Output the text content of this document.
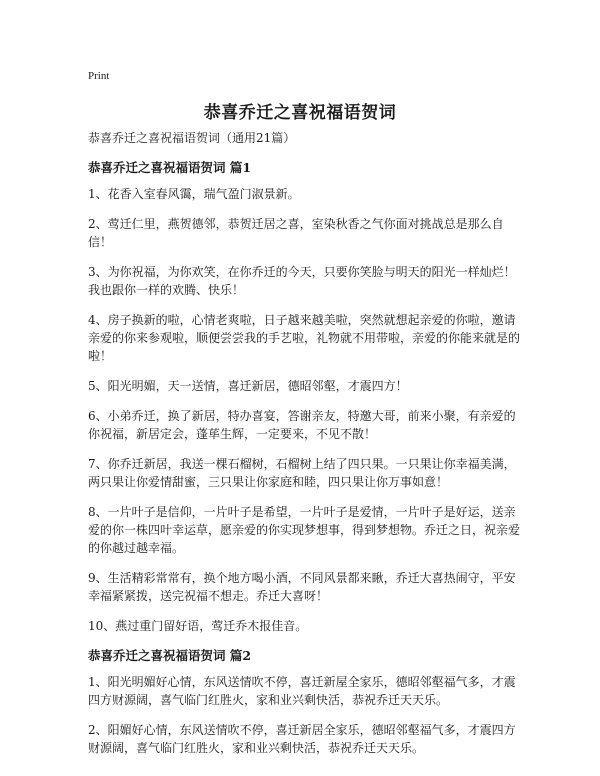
Print
恭喜乔迁之喜祝福语贺词

恭喜乔迁之喜祝福语贺词（通用21篇）

恭喜乔迁之喜祝福语贺词 篇1

1、花香入室春风霭，瑞气盈门淑景新。

2、莺迁仁里，燕贺德邻，恭贺迁居之喜，室染秋香之气你面对挑战总是那么自信！

3、为你祝福，为你欢笑，在你乔迁的今天，只要你笑脸与明天的阳光一样灿烂！我也跟你一样的欢腾、快乐！

4、房子换新的啦，心情老爽啦，日子越来越美啦，突然就想起亲爱的你啦，邀请亲爱的你来参观啦，顺便尝尝我的手艺啦，礼物就不用带啦，亲爱的你能来就是的啦！

5、阳光明媚，天一送情，喜迁新居，德昭邻壑，才震四方！

6、小弟乔迁，换了新居，特办喜宴，答谢亲友，特邀大哥，前来小聚，有亲爱的你祝福，新居定会，蓬荜生辉，一定要来，不见不散！

7、你乔迁新居，我送一棵石榴树，石榴树上结了四只果。一只果让你幸福美满，两只果让你爱情甜蜜，三只果让你家庭和睦，四只果让你万事如意！

8、一片叶子是信仰，一片叶子是希望，一片叶子是爱情，一片叶子是好运，送亲爱的你一株四叶幸运草，愿亲爱的你实现梦想事，得到梦想物。乔迁之日，祝亲爱的你越过越幸福。

9、生活精彩常常有，换个地方喝小酒，不同风景都来瞅，乔迁大喜热闹守，平安幸福紧紧拨，送完祝福不想走。乔迁大喜呀！

10、燕过重门留好语，莺迁乔木报佳音。

恭喜乔迁之喜祝福语贺词 篇2

1、阳光明媚好心情，东风送情吹不停，喜迁新屋全家乐，德昭邻壑福气多，才震四方财源阔，喜气临门红胜火，家和业兴剩快活，恭祝乔迁天天乐。

2、阳媚好心情，东风送情吹不停，喜迁新居全家乐，德昭邻壑福气多，才震四方财源阔，喜气临门红胜火，家和业兴剩快活，恭祝乔迁天天乐。
